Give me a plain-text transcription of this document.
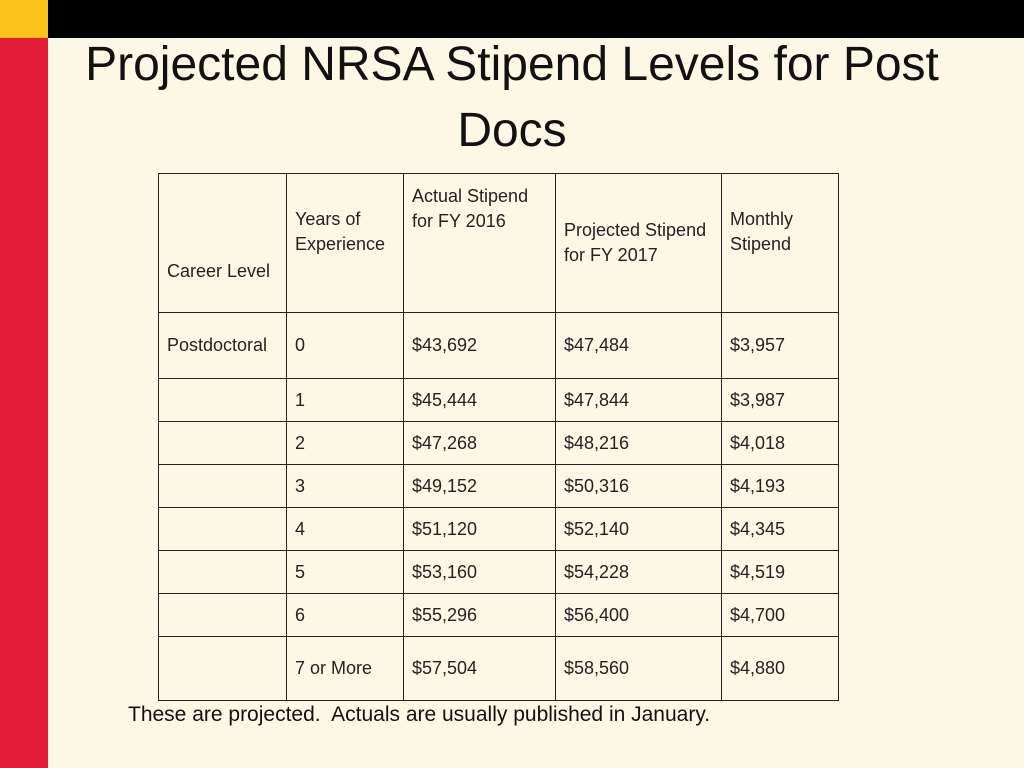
Projected NRSA Stipend Levels for Post Docs
Career Level	Years of Experience	Actual Stipend for FY 2016	Projected Stipend for FY 2017	Monthly Stipend
Postdoctoral	0	$43,692	$47,484	$3,957
	1	$45,444	$47,844	$3,987
	2	$47,268	$48,216	$4,018
	3	$49,152	$50,316	$4,193
	4	$51,120	$52,140	$4,345
	5	$53,160	$54,228	$4,519
	6	$55,296	$56,400	$4,700
	7 or More	$57,504	$58,560	$4,880
These are projected.  Actuals are usually published in January.
